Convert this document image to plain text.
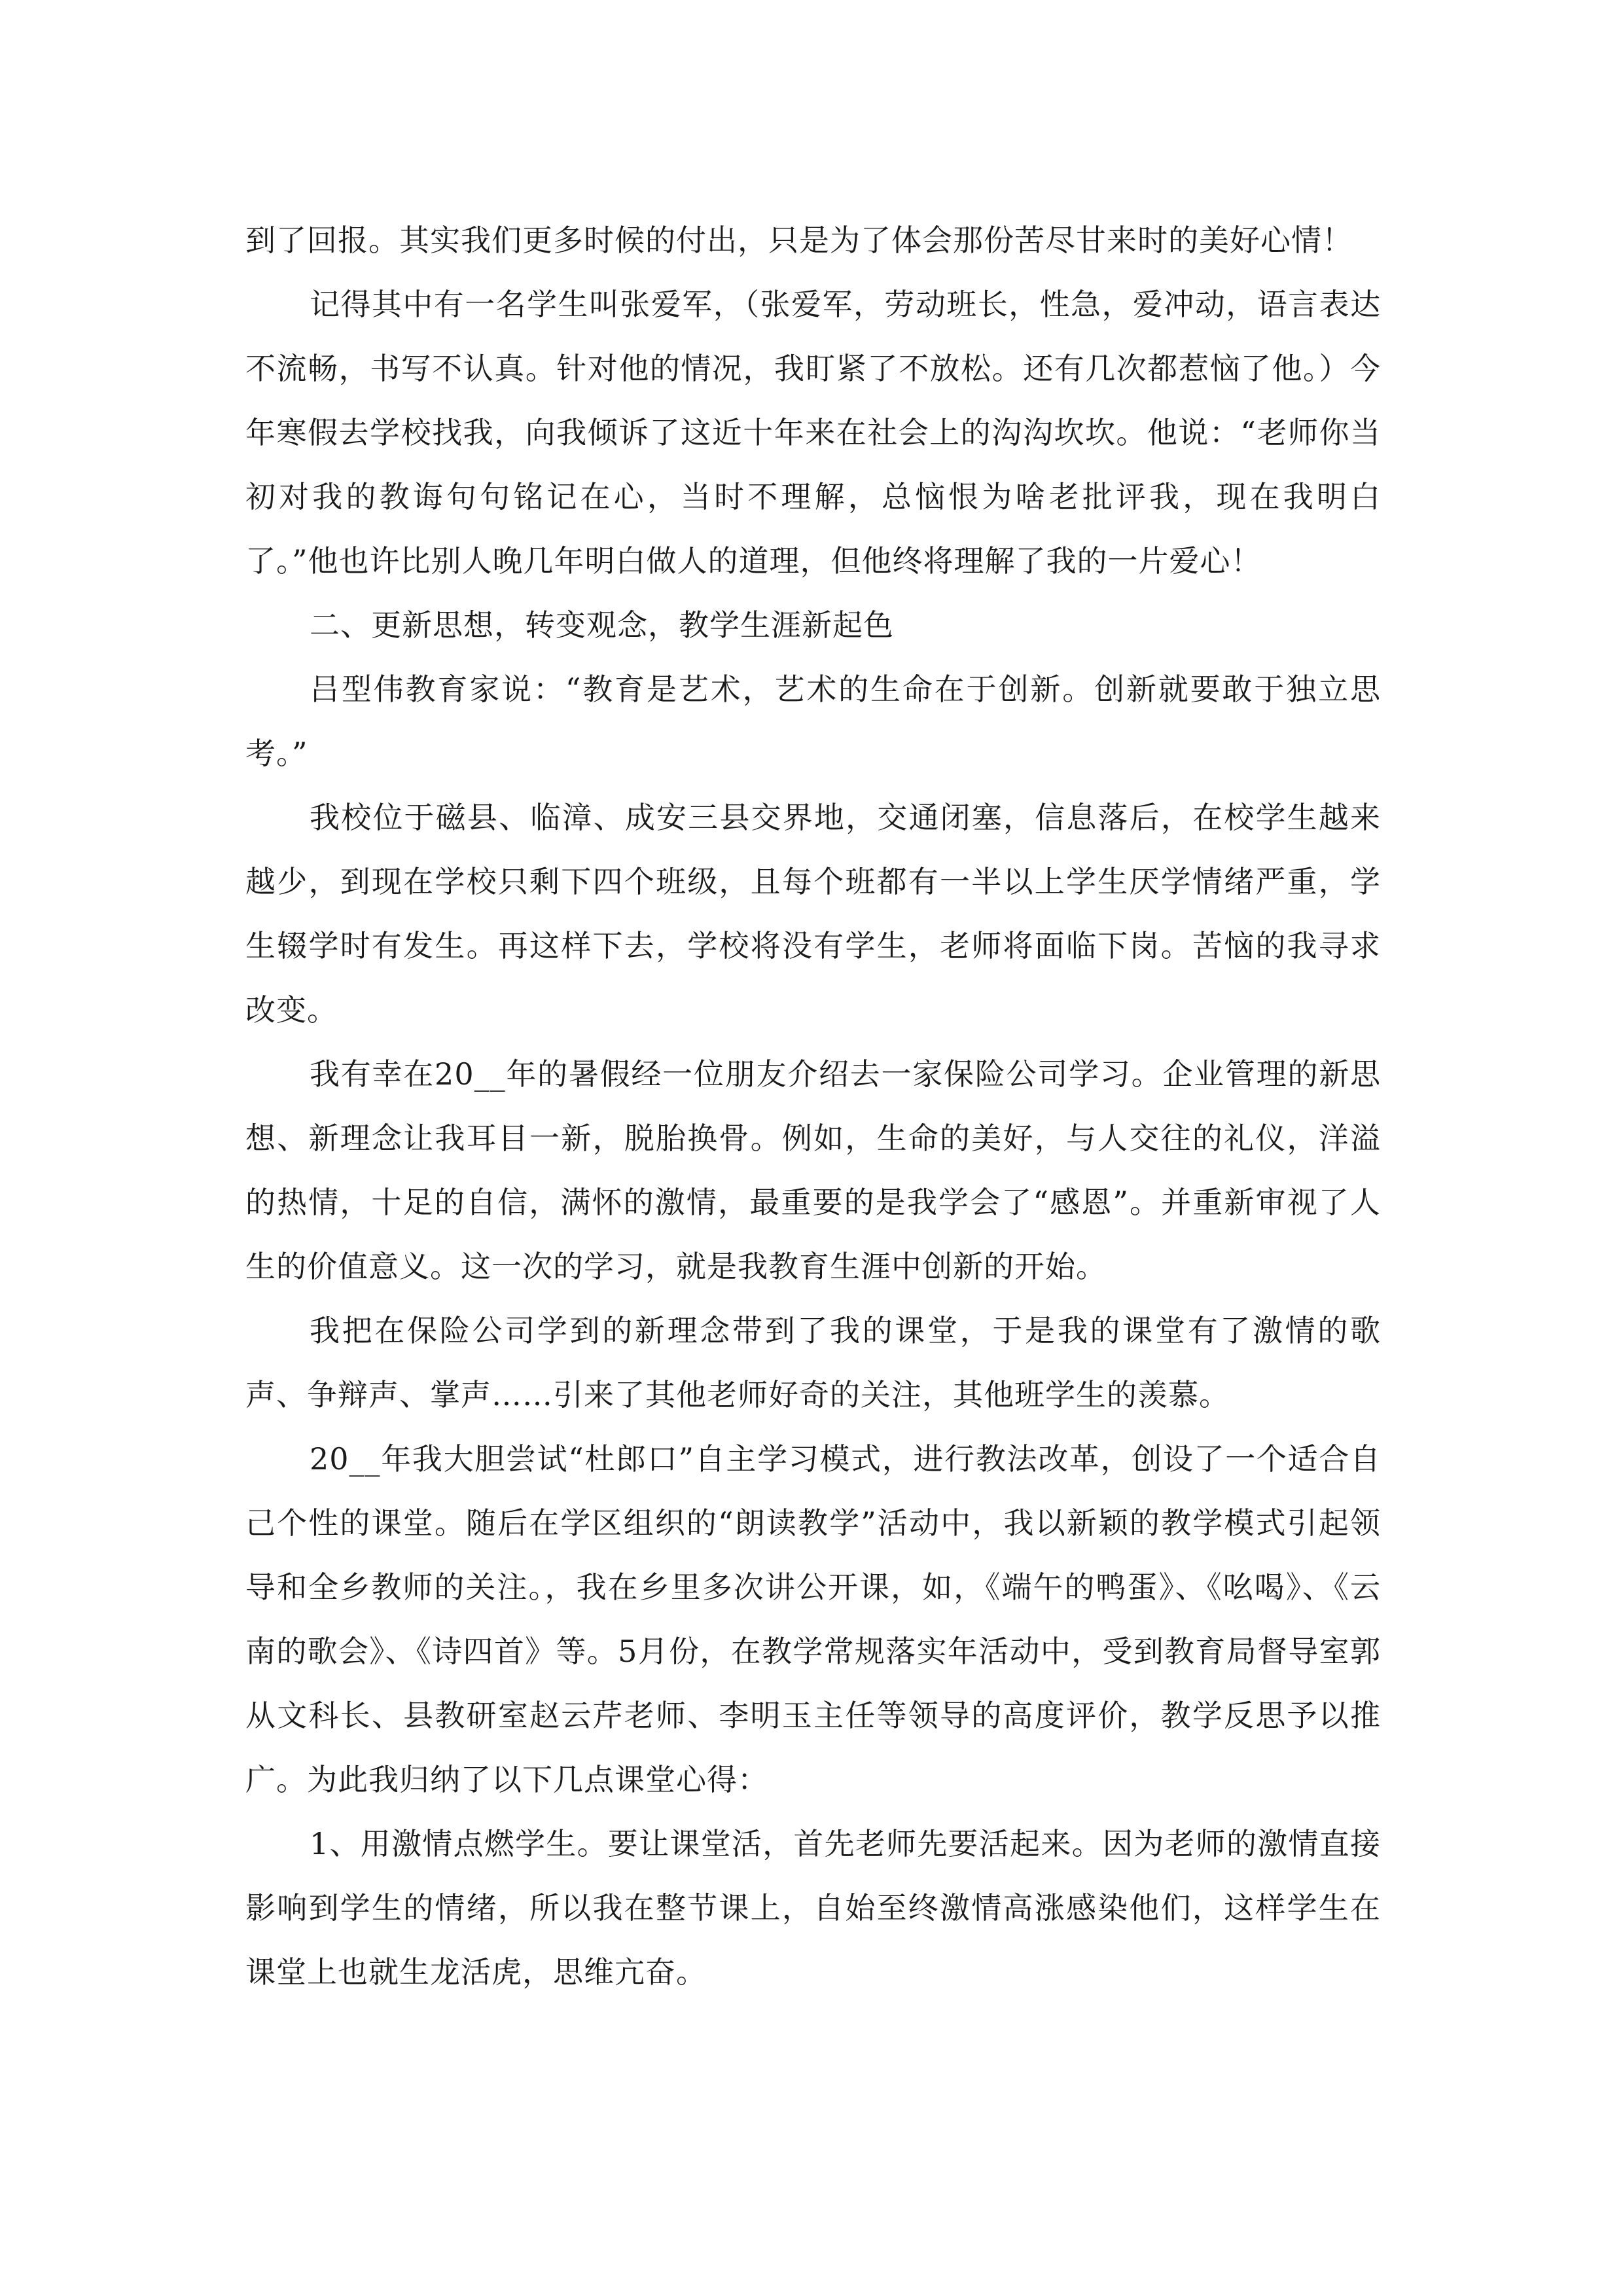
到了回报。其实我们更多时候的付出，只是为了体会那份苦尽甘来时的美好心情！

记得其中有一名学生叫张爱军，（张爱军，劳动班长，性急，爱冲动，语言表达不流畅，书写不认真。针对他的情况，我盯紧了不放松。还有几次都惹恼了他。）今年寒假去学校找我，向我倾诉了这近十年来在社会上的沟沟坎坎。他说：“老师你当初对我的教诲句句铭记在心，当时不理解，总恼恨为啥老批评我，现在我明白了。”他也许比别人晚几年明白做人的道理，但他终将理解了我的一片爱心！

二、更新思想，转变观念，教学生涯新起色

吕型伟教育家说：“教育是艺术，艺术的生命在于创新。创新就要敢于独立思考。”

我校位于磁县、临漳、成安三县交界地，交通闭塞，信息落后，在校学生越来越少，到现在学校只剩下四个班级，且每个班都有一半以上学生厌学情绪严重，学生辍学时有发生。再这样下去，学校将没有学生，老师将面临下岗。苦恼的我寻求改变。

我有幸在20__年的暑假经一位朋友介绍去一家保险公司学习。企业管理的新思想、新理念让我耳目一新，脱胎换骨。例如，生命的美好，与人交往的礼仪，洋溢的热情，十足的自信，满怀的激情，最重要的是我学会了“感恩”。并重新审视了人生的价值意义。这一次的学习，就是我教育生涯中创新的开始。

我把在保险公司学到的新理念带到了我的课堂，于是我的课堂有了激情的歌声、争辩声、掌声……引来了其他老师好奇的关注，其他班学生的羡慕。

20__年我大胆尝试“杜郎口”自主学习模式，进行教法改革，创设了一个适合自己个性的课堂。随后在学区组织的“朗读教学”活动中，我以新颖的教学模式引起领导和全乡教师的关注。，我在乡里多次讲公开课，如，《端午的鸭蛋》、《吆喝》、《云南的歌会》、《诗四首》等。5月份，在教学常规落实年活动中，受到教育局督导室郭从文科长、县教研室赵云芹老师、李明玉主任等领导的高度评价，教学反思予以推广。为此我归纳了以下几点课堂心得：

1、用激情点燃学生。要让课堂活，首先老师先要活起来。因为老师的激情直接影响到学生的情绪，所以我在整节课上，自始至终激情高涨感染他们，这样学生在课堂上也就生龙活虎，思维亢奋。
